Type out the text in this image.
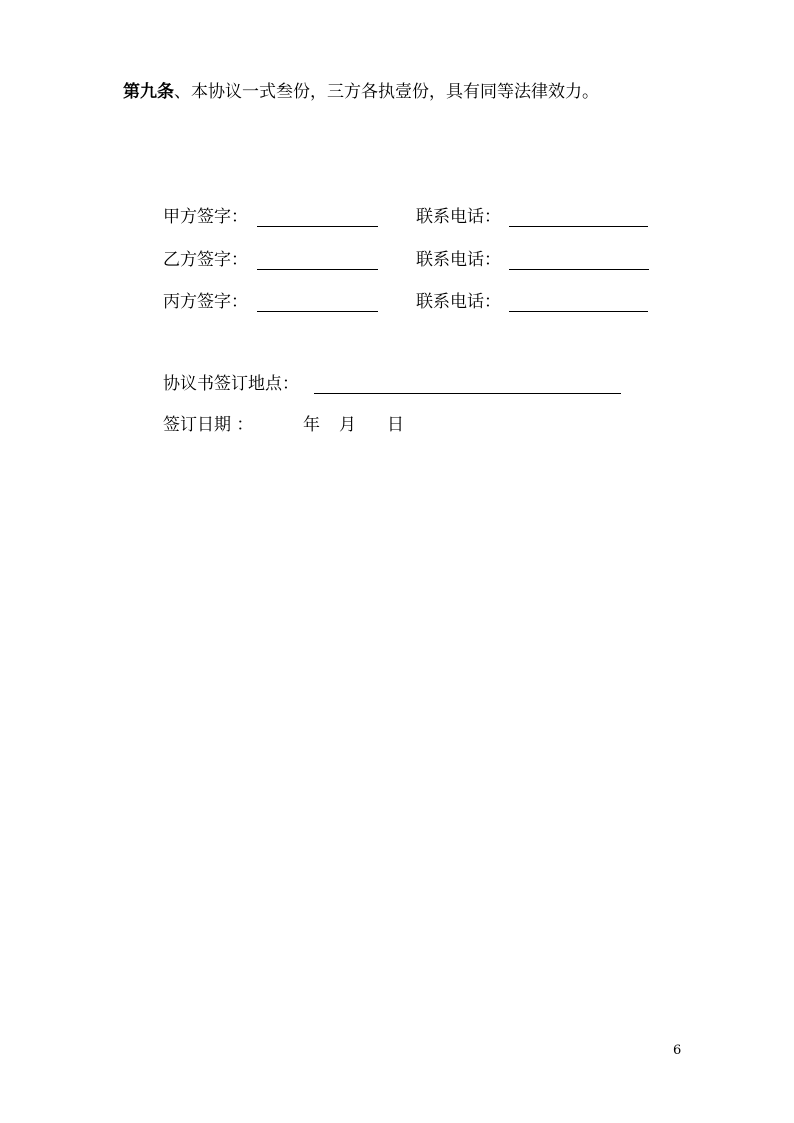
第九条、本协议一式叁份，三方各执壹份，具有同等法律效力。
甲方签字：	联系电话：
乙方签字：	联系电话：
丙方签字：	联系电话：
协议书签订地点：
签订日期 ：	年 月 日
6
